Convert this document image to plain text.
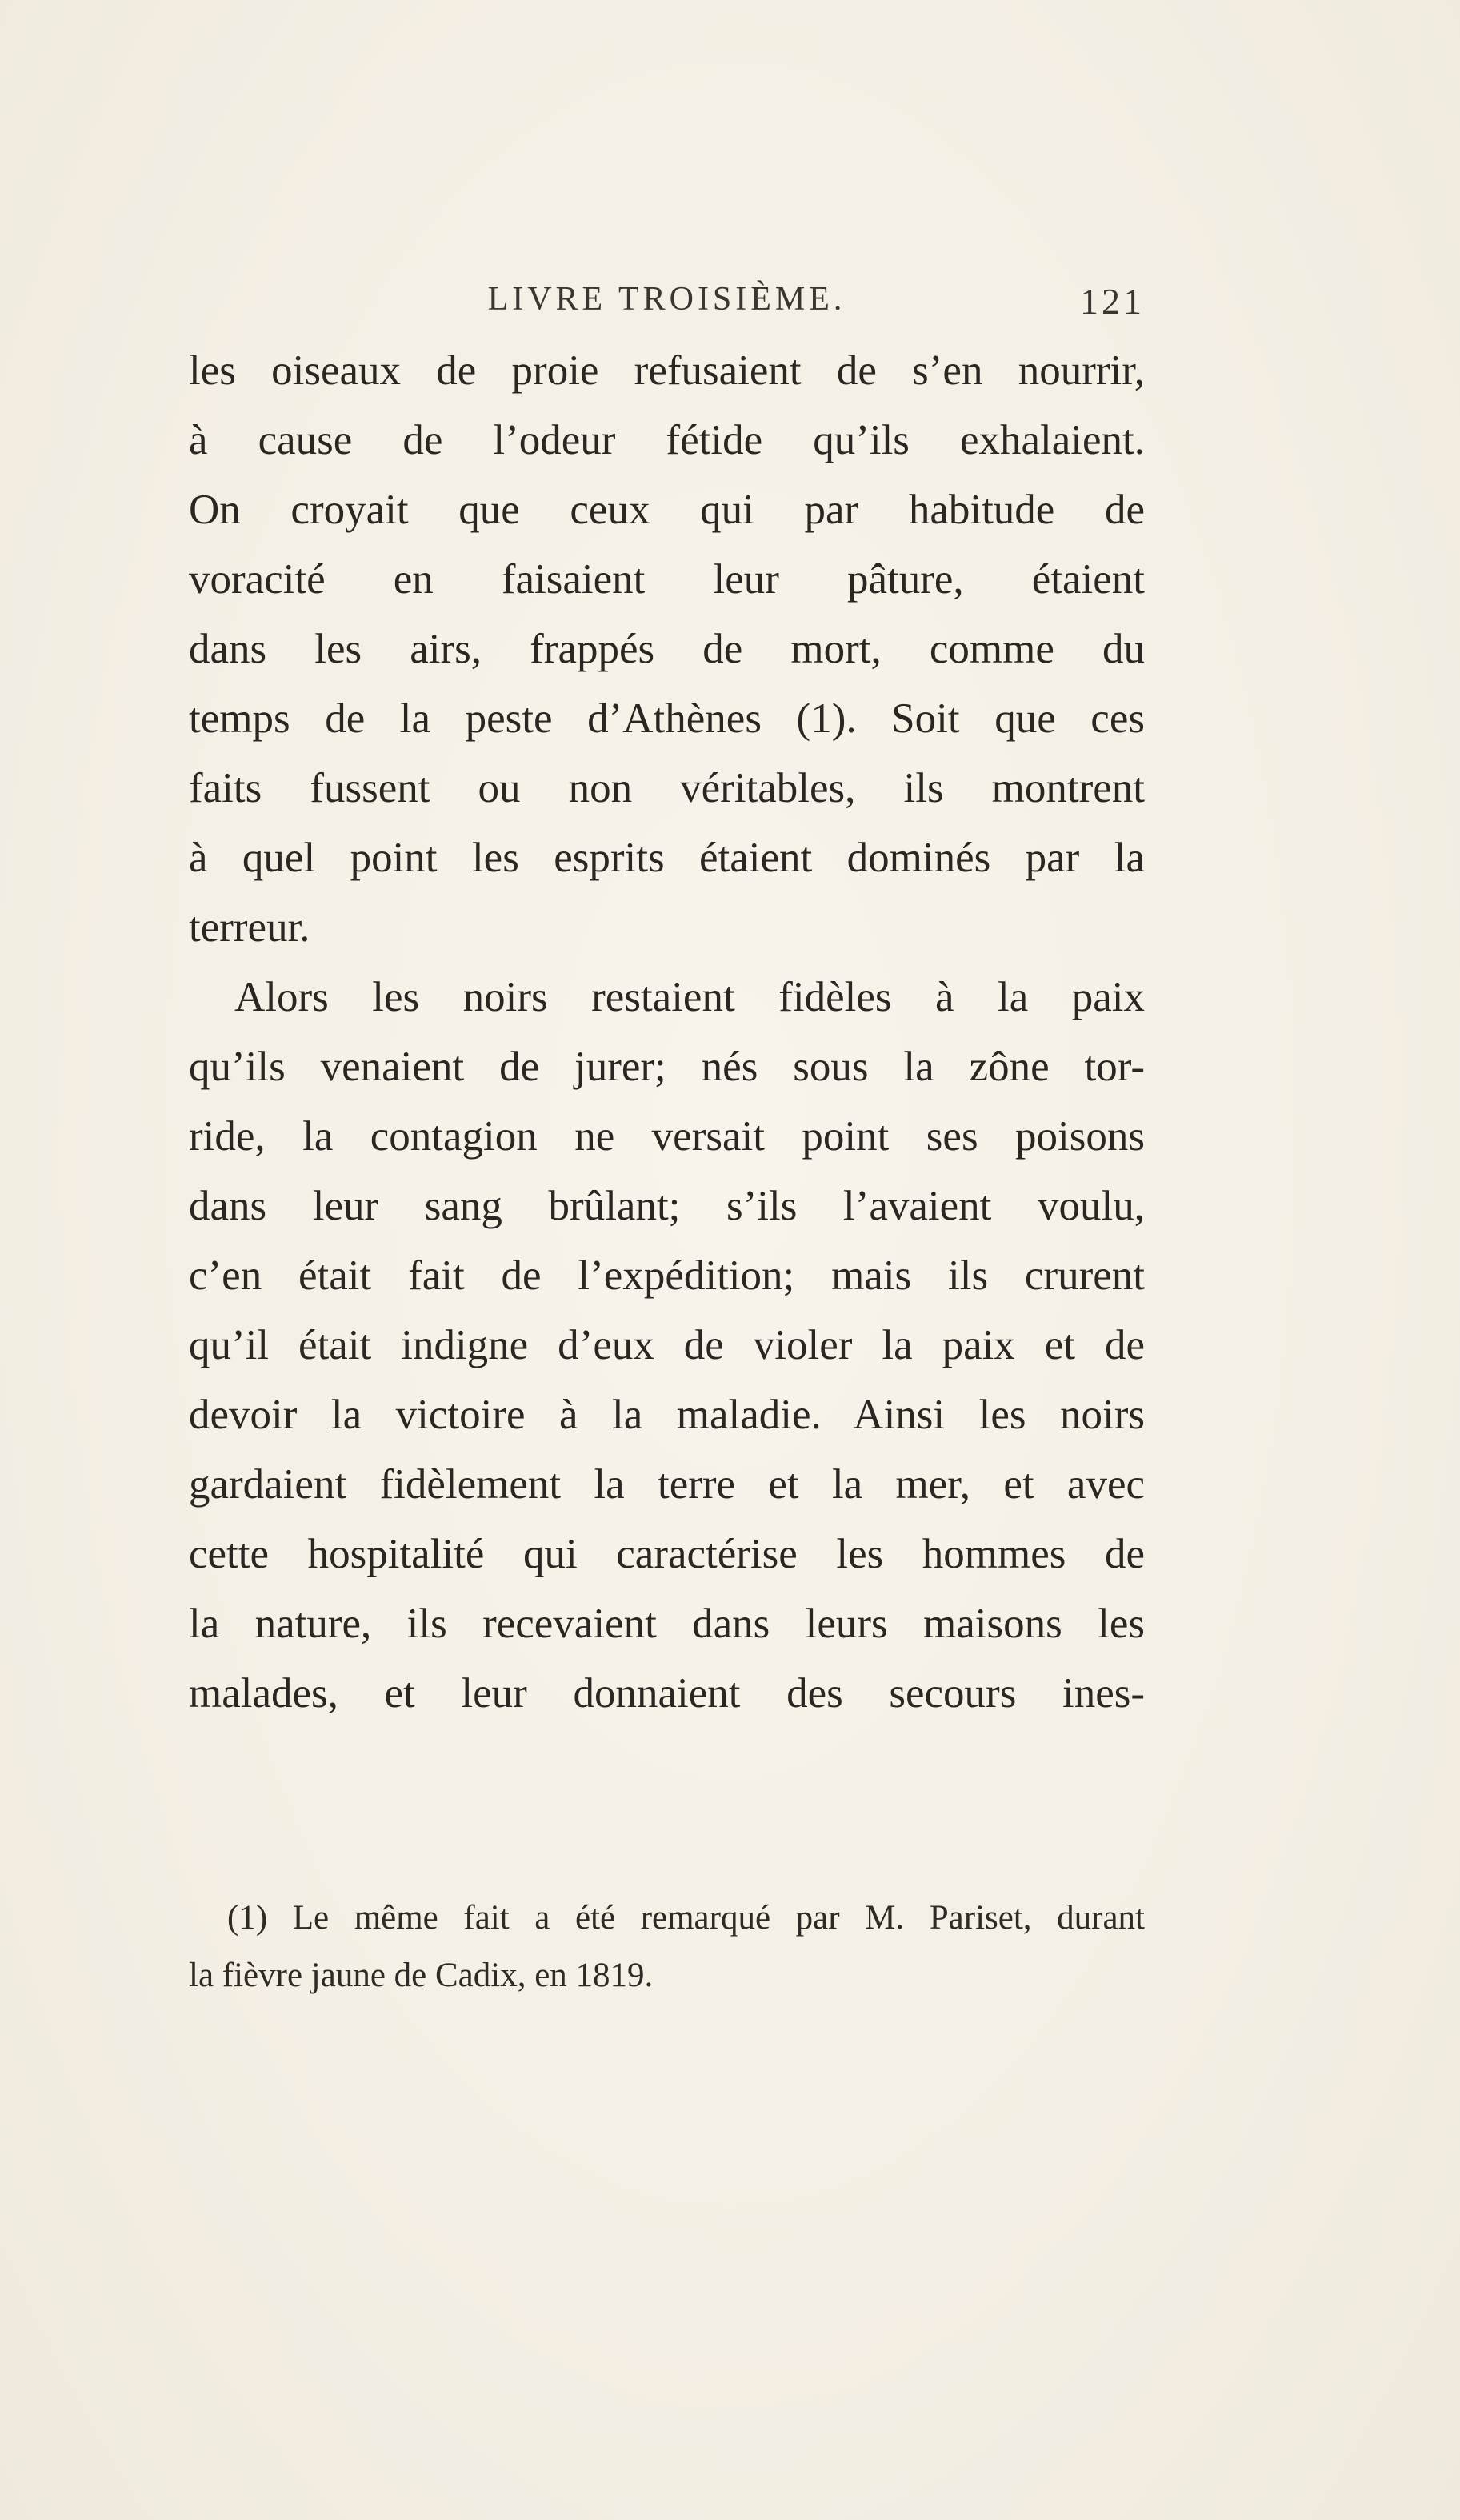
LIVRE TROISIÈME.	121
les oiseaux de proie refusaient de s’en nourrir,
à cause de l’odeur fétide qu’ils exhalaient.
On croyait que ceux qui par habitude de
voracité en faisaient leur pâture, étaient
dans les airs, frappés de mort, comme du
temps de la peste d’Athènes (1). Soit que ces
faits fussent ou non véritables, ils montrent
à quel point les esprits étaient dominés par la
terreur.
Alors les noirs restaient fidèles à la paix
qu’ils venaient de jurer; nés sous la zône tor-
ride, la contagion ne versait point ses poisons
dans leur sang brûlant; s’ils l’avaient voulu,
c’en était fait de l’expédition; mais ils crurent
qu’il était indigne d’eux de violer la paix et de
devoir la victoire à la maladie. Ainsi les noirs
gardaient fidèlement la terre et la mer, et avec
cette hospitalité qui caractérise les hommes de
la nature, ils recevaient dans leurs maisons les
malades, et leur donnaient des secours ines-
(1) Le même fait a été remarqué par M. Pariset, durant
la fièvre jaune de Cadix, en 1819.
